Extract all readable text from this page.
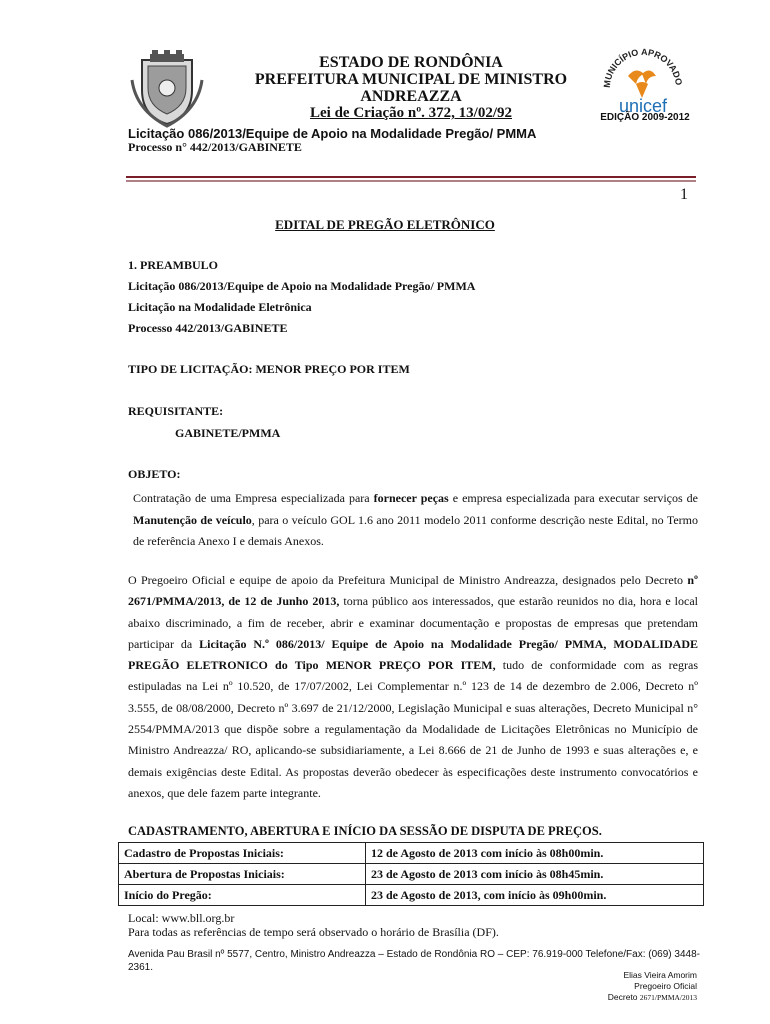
ESTADO DE RONDÔNIA
PREFEITURA MUNICIPAL DE MINISTRO ANDREAZZA
Lei de Criação nº. 372, 13/02/92
MUNICÍPIO APROVADO
unicef
EDIÇÃO 2009-2012
Licitação 086/2013/Equipe de Apoio na Modalidade Pregão/ PMMA
Processo n° 442/2013/GABINETE
1
EDITAL DE PREGÃO ELETRÔNICO
1. PREAMBULO
Licitação 086/2013/Equipe de Apoio na Modalidade Pregão/ PMMA
Licitação na Modalidade Eletrônica
Processo 442/2013/GABINETE
TIPO DE LICITAÇÃO: MENOR PREÇO POR ITEM
REQUISITANTE:
GABINETE/PMMA
OBJETO:
Contratação de uma Empresa especializada para fornecer peças e empresa especializada para executar serviços de Manutenção de veículo, para o veículo GOL 1.6 ano 2011 modelo 2011 conforme descrição neste Edital, no Termo de referência Anexo I e demais Anexos.
O Pregoeiro Oficial e equipe de apoio da Prefeitura Municipal de Ministro Andreazza, designados pelo Decreto nº 2671/PMMA/2013, de 12 de Junho 2013, torna público aos interessados, que estarão reunidos no dia, hora e local abaixo discriminado, a fim de receber, abrir e examinar documentação e propostas de empresas que pretendam participar da Licitação N.º 086/2013/ Equipe de Apoio na Modalidade Pregão/ PMMA, MODALIDADE PREGÃO ELETRONICO do Tipo MENOR PREÇO POR ITEM, tudo de conformidade com as regras estipuladas na Lei nº 10.520, de 17/07/2002, Lei Complementar n.º 123 de 14 de dezembro de 2.006, Decreto nº 3.555, de 08/08/2000, Decreto nº 3.697 de 21/12/2000, Legislação Municipal e suas alterações, Decreto Municipal n° 2554/PMMA/2013 que dispõe sobre a regulamentação da Modalidade de Licitações Eletrônicas no Município de Ministro Andreazza/ RO, aplicando-se subsidiariamente, a Lei 8.666 de 21 de Junho de 1993 e suas alterações e, e demais exigências deste Edital. As propostas deverão obedecer às especificações deste instrumento convocatórios e anexos, que dele fazem parte integrante.
CADASTRAMENTO, ABERTURA E INÍCIO DA SESSÃO DE DISPUTA DE PREÇOS.
Cadastro de Propostas Iniciais:	12 de Agosto de 2013 com início às 08h00min.
Abertura de Propostas Iniciais:	23 de Agosto de 2013 com início às 08h45min.
Início do Pregão:	23 de Agosto de 2013, com início às 09h00min.
Local: www.bll.org.br
Para todas as referências de tempo será observado o horário de Brasília (DF).
Avenida Pau Brasil nº 5577, Centro, Ministro Andreazza – Estado de Rondônia RO – CEP: 76.919-000 Telefone/Fax: (069) 3448-2361.
Elias Vieira Amorim
Pregoeiro Oficial
Decreto 2671/PMMA/2013
